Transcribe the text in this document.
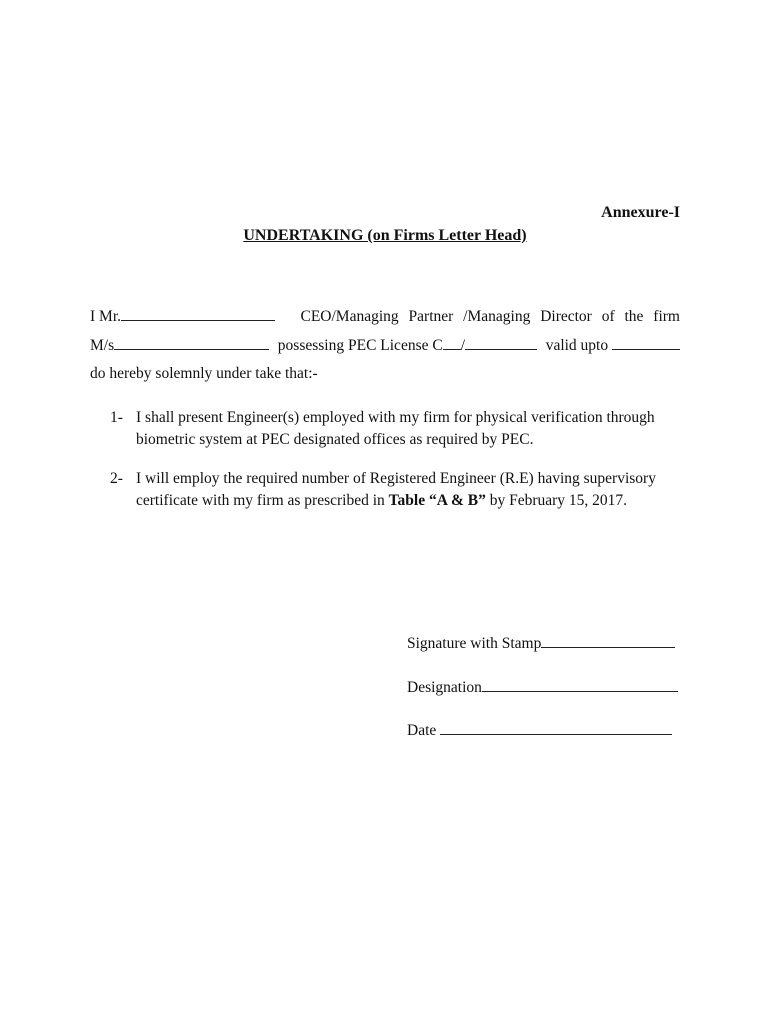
Annexure-I
UNDERTAKING (on Firms Letter Head)
I Mr.	CEO/Managing Partner /Managing Director of the firm
M/s	possessing PEC License C /	valid upto
do hereby solemnly under take that:-
1- I shall present Engineer(s) employed with my firm for physical verification through
biometric system at PEC designated offices as required by PEC.
2- I will employ the required number of Registered Engineer (R.E) having supervisory
certificate with my firm as prescribed in Table “A & B” by February 15, 2017.
Signature with Stamp
Designation
Date
